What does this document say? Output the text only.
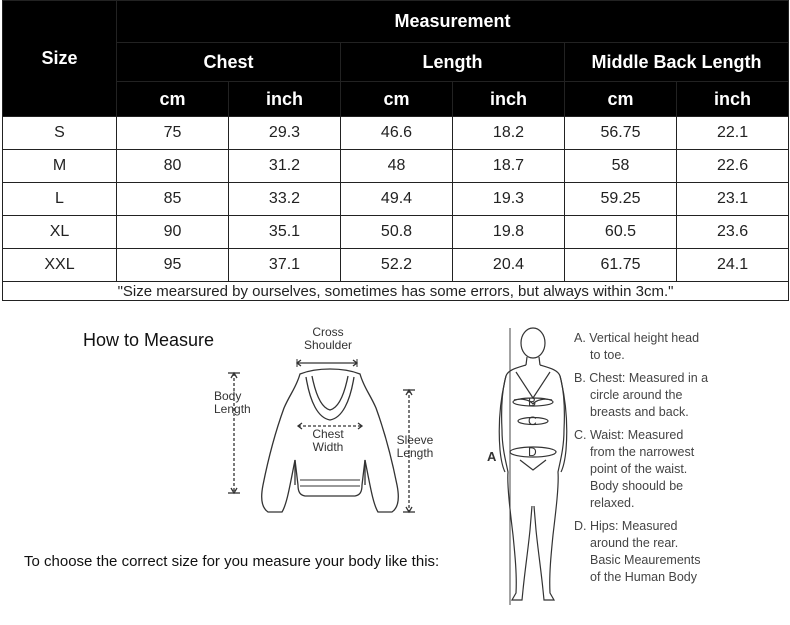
Size	Measurement					
	Chest		Length		Middle Back Length	
	cm	inch	cm	inch	cm	inch
S	75	29.3	46.6	18.2	56.75	22.1
M	80	31.2	48	18.7	58	22.6
L	85	33.2	49.4	19.3	59.25	23.1
XL	90	35.1	50.8	19.8	60.5	23.6
XXL	95	37.1	52.2	20.4	61.75	24.1
"Size mearsured by ourselves, sometimes has some errors, but always within 3cm."						
How to Measure	Cross
Shoulder
Body
Length
Chest
Width	Sleeve
Length	A
B
C
D
A. Vertical height head
to toe.
B. Chest: Measured in a
circle around the
breasts and back.
C. Waist: Measured
from the narrowest
point of the waist.
Body shoould be
relaxed.
D. Hips: Measured
around the rear.
Basic Meaurements
of the Human Body
To choose the correct size for you measure your body like this:
